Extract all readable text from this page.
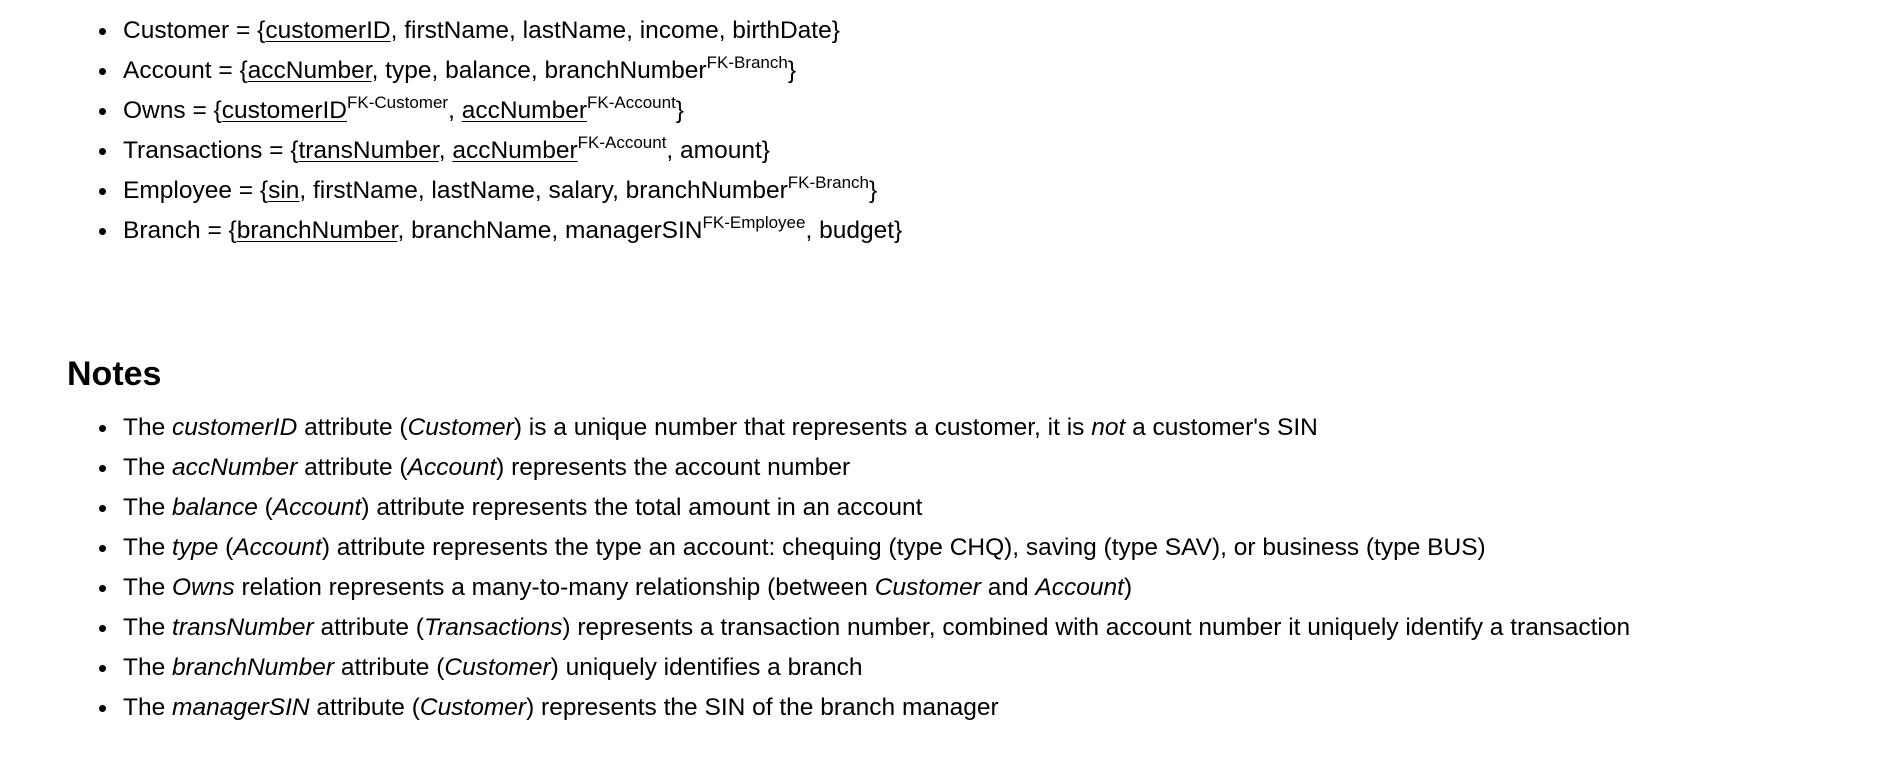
Customer = {customerID, firstName, lastName, income, birthDate}
Account = {accNumber, type, balance, branchNumber$^{FK-Branch}$}
Owns = {customerID$^{FK-Customer}$, accNumber$^{FK-Account}$}
Transactions = {transNumber, accNumber$^{FK-Account}$, amount}
Employee = {sin, firstName, lastName, salary, branchNumber$^{FK-Branch}$}
Branch = {branchNumber, branchName, managerSIN$^{FK-Employee}$, budget}
Notes
The customerID attribute (Customer) is a unique number that represents a customer, it is not a customer's SIN
The accNumber attribute (Account) represents the account number
The balance (Account) attribute represents the total amount in an account
The type (Account) attribute represents the type an account: chequing (type CHQ), saving (type SAV), or business (type BUS)
The Owns relation represents a many-to-many relationship (between Customer and Account)
The transNumber attribute (Transactions) represents a transaction number, combined with account number it uniquely identify a transaction
The branchNumber attribute (Customer) uniquely identifies a branch
The managerSIN attribute (Customer) represents the SIN of the branch manager
